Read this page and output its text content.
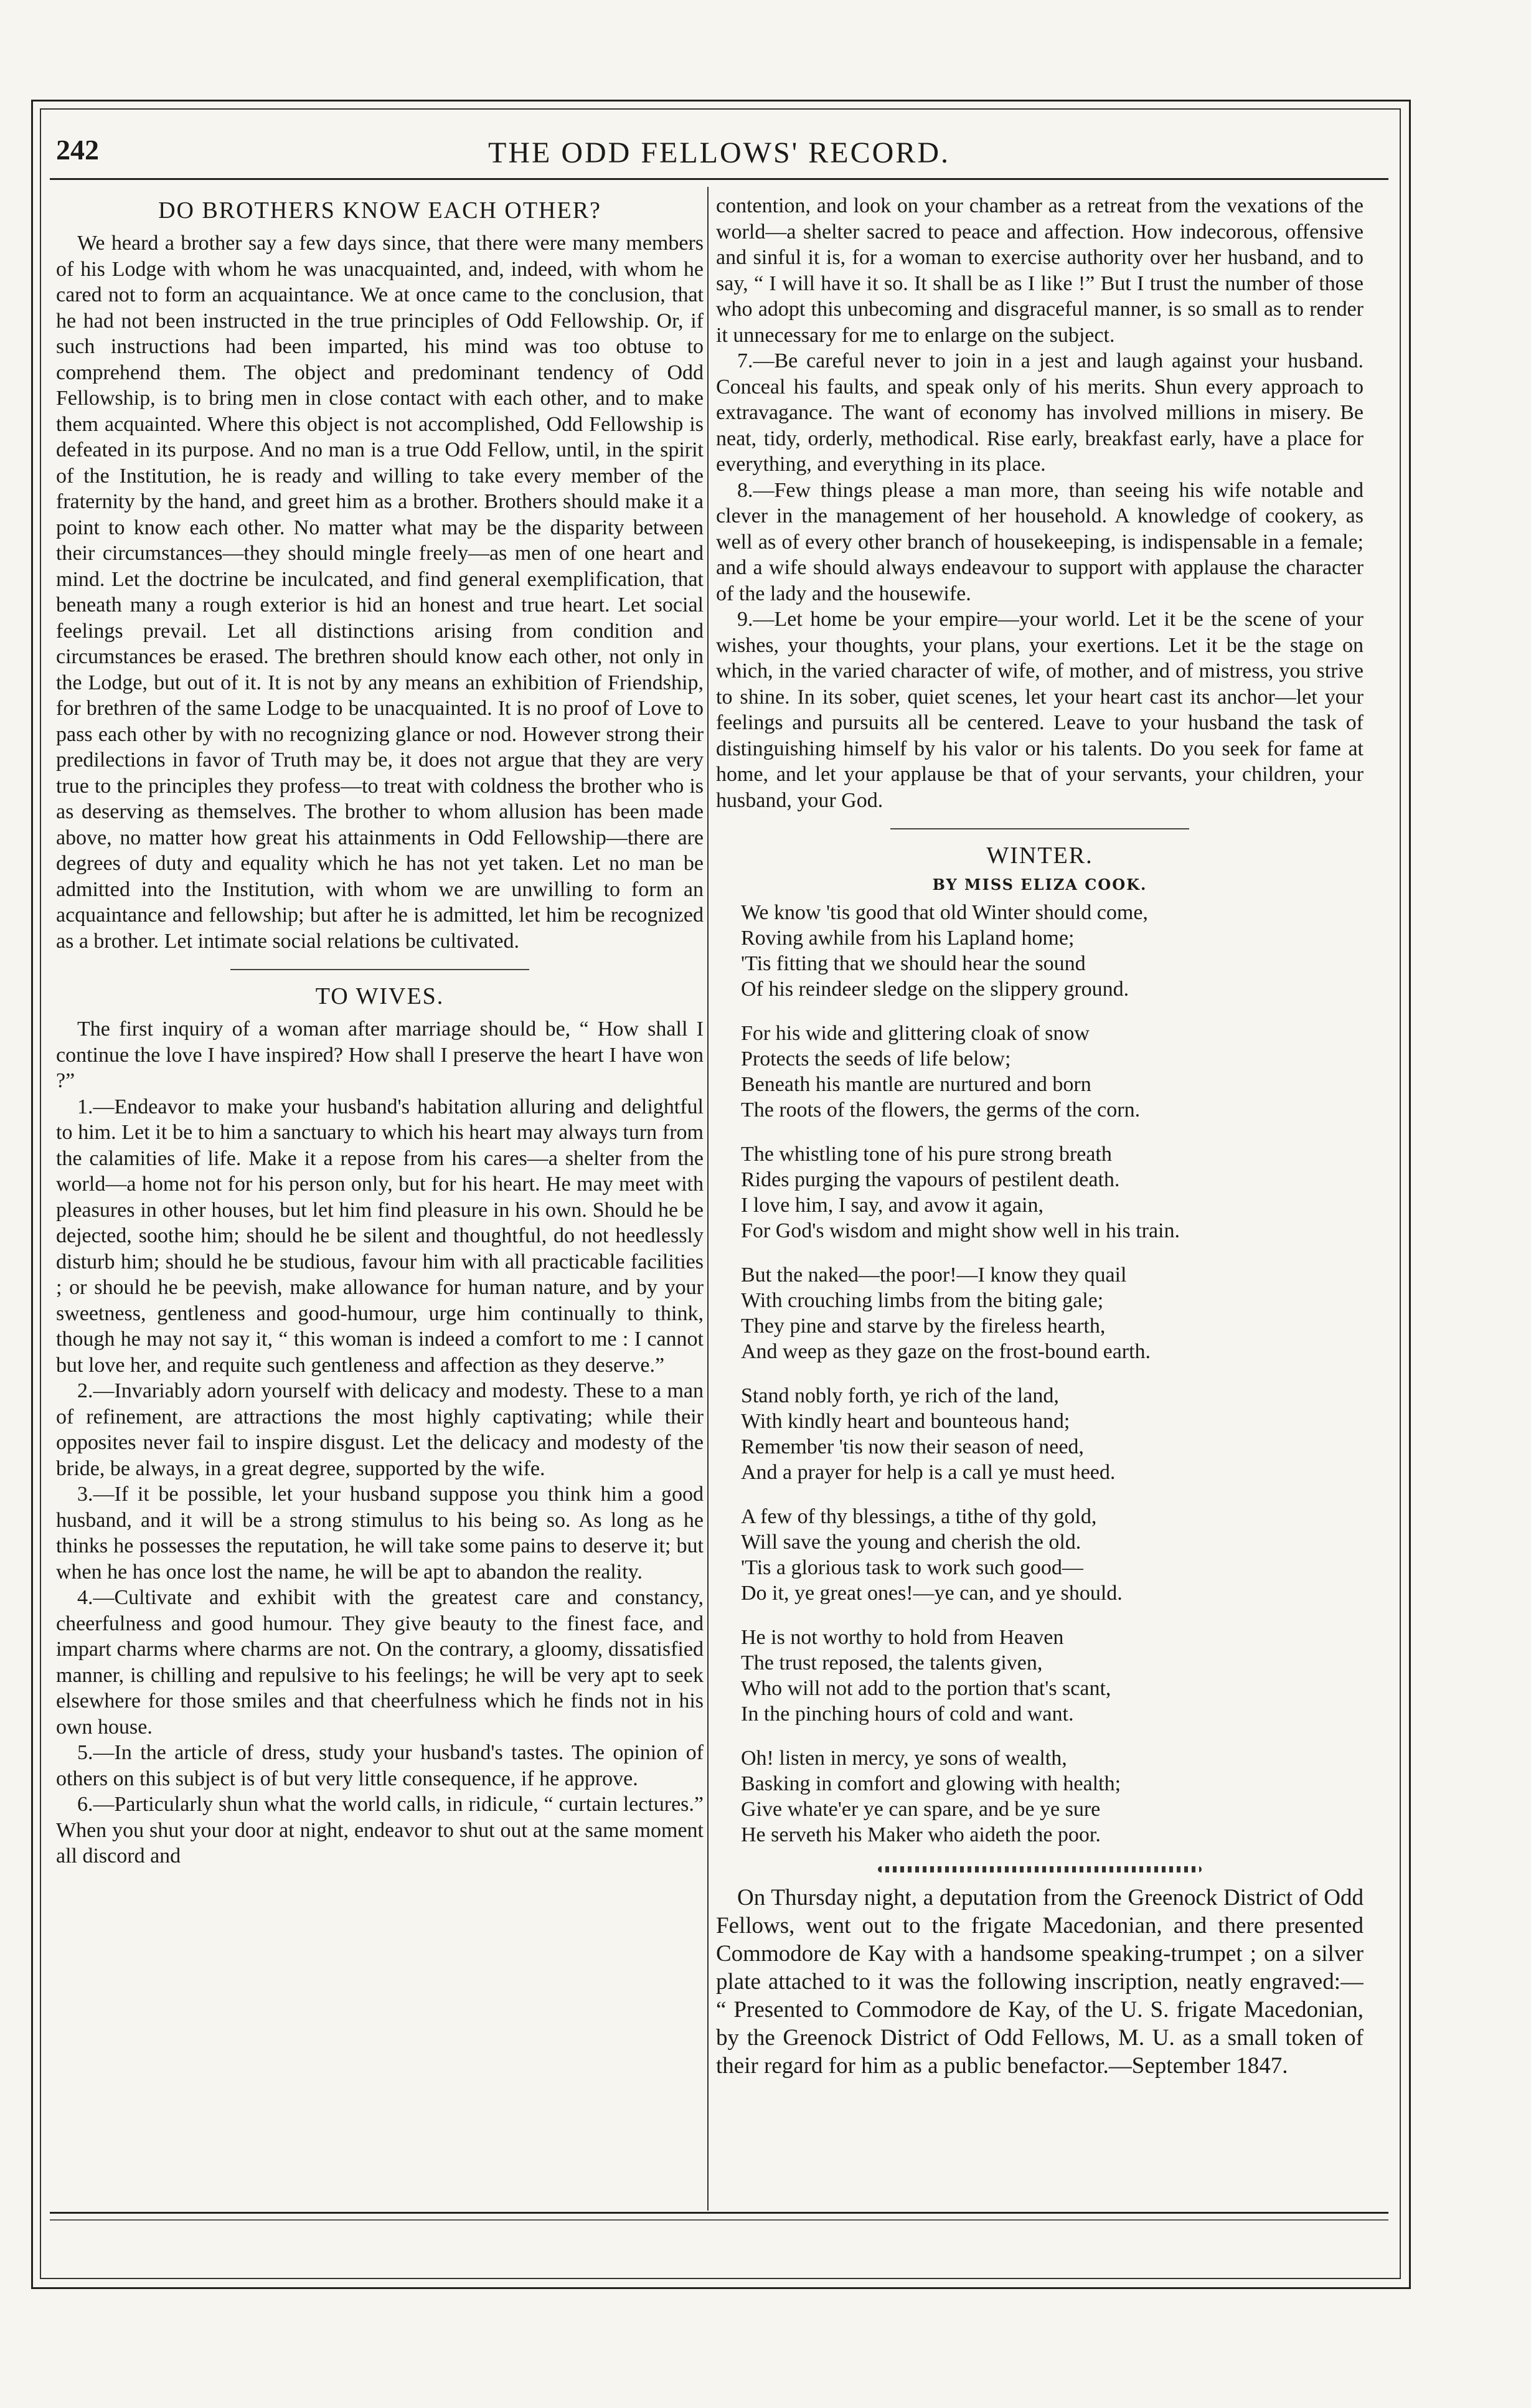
242	THE ODD FELLOWS' RECORD.
DO BROTHERS KNOW EACH OTHER?

We heard a brother say a few days since, that there were many members of his Lodge with whom he was unacquainted, and, indeed, with whom he cared not to form an acquaintance. We at once came to the conclusion, that he had not been instructed in the true principles of Odd Fellowship. Or, if such instructions had been imparted, his mind was too obtuse to comprehend them. The object and predominant tendency of Odd Fellowship, is to bring men in close contact with each other, and to make them acquainted. Where this object is not accomplished, Odd Fellowship is defeated in its purpose. And no man is a true Odd Fellow, until, in the spirit of the Institution, he is ready and willing to take every member of the fraternity by the hand, and greet him as a brother. Brothers should make it a point to know each other. No matter what may be the disparity between their circumstances—they should mingle freely—as men of one heart and mind. Let the doctrine be inculcated, and find general exemplification, that beneath many a rough exterior is hid an honest and true heart. Let social feelings prevail. Let all distinctions arising from condition and circumstances be erased. The brethren should know each other, not only in the Lodge, but out of it. It is not by any means an exhibition of Friendship, for brethren of the same Lodge to be unacquainted. It is no proof of Love to pass each other by with no recognizing glance or nod. However strong their predilections in favor of Truth may be, it does not argue that they are very true to the principles they profess—to treat with coldness the brother who is as deserving as themselves. The brother to whom allusion has been made above, no matter how great his attainments in Odd Fellowship—there are degrees of duty and equality which he has not yet taken. Let no man be admitted into the Institution, with whom we are unwilling to form an acquaintance and fellowship; but after he is admitted, let him be recognized as a brother. Let intimate social relations be cultivated.

TO WIVES.

The first inquiry of a woman after marriage should be, “ How shall I continue the love I have inspired? How shall I preserve the heart I have won ?”

1.—Endeavor to make your husband's habitation alluring and delightful to him. Let it be to him a sanctuary to which his heart may always turn from the calamities of life. Make it a repose from his cares—a shelter from the world—a home not for his person only, but for his heart. He may meet with pleasures in other houses, but let him find pleasure in his own. Should he be dejected, soothe him; should he be silent and thoughtful, do not heedlessly disturb him; should he be studious, favour him with all practicable facilities ; or should he be peevish, make allowance for human nature, and by your sweetness, gentleness and good-humour, urge him continually to think, though he may not say it, “ this woman is indeed a comfort to me : I cannot but love her, and requite such gentleness and affection as they deserve.”

2.—Invariably adorn yourself with delicacy and modesty. These to a man of refinement, are attractions the most highly captivating; while their opposites never fail to inspire disgust. Let the delicacy and modesty of the bride, be always, in a great degree, supported by the wife.

3.—If it be possible, let your husband suppose you think him a good husband, and it will be a strong stimulus to his being so. As long as he thinks he possesses the reputation, he will take some pains to deserve it; but when he has once lost the name, he will be apt to abandon the reality.

4.—Cultivate and exhibit with the greatest care and constancy, cheerfulness and good humour. They give beauty to the finest face, and impart charms where charms are not. On the contrary, a gloomy, dissatisfied manner, is chilling and repulsive to his feelings; he will be very apt to seek elsewhere for those smiles and that cheerfulness which he finds not in his own house.

5.—In the article of dress, study your husband's tastes. The opinion of others on this subject is of but very little consequence, if he approve.

6.—Particularly shun what the world calls, in ridicule, “ curtain lectures.” When you shut your door at night, endeavor to shut out at the same moment all discord and

contention, and look on your chamber as a retreat from the vexations of the world—a shelter sacred to peace and affection. How indecorous, offensive and sinful it is, for a woman to exercise authority over her husband, and to say, “ I will have it so. It shall be as I like !” But I trust the number of those who adopt this unbecoming and disgraceful manner, is so small as to render it unnecessary for me to enlarge on the subject.

7.—Be careful never to join in a jest and laugh against your husband. Conceal his faults, and speak only of his merits. Shun every approach to extravagance. The want of economy has involved millions in misery. Be neat, tidy, orderly, methodical. Rise early, breakfast early, have a place for everything, and everything in its place.

8.—Few things please a man more, than seeing his wife notable and clever in the management of her household. A knowledge of cookery, as well as of every other branch of housekeeping, is indispensable in a female; and a wife should always endeavour to support with applause the character of the lady and the housewife.

9.—Let home be your empire—your world. Let it be the scene of your wishes, your thoughts, your plans, your exertions. Let it be the stage on which, in the varied character of wife, of mother, and of mistress, you strive to shine. In its sober, quiet scenes, let your heart cast its anchor—let your feelings and pursuits all be centered. Leave to your husband the task of distinguishing himself by his valor or his talents. Do you seek for fame at home, and let your applause be that of your servants, your children, your husband, your God.

WINTER.
BY MISS ELIZA COOK.
We know 'tis good that old Winter should come,
Roving awhile from his Lapland home;
'Tis fitting that we should hear the sound
Of his reindeer sledge on the slippery ground.
For his wide and glittering cloak of snow
Protects the seeds of life below;
Beneath his mantle are nurtured and born
The roots of the flowers, the germs of the corn.
The whistling tone of his pure strong breath
Rides purging the vapours of pestilent death.
I love him, I say, and avow it again,
For God's wisdom and might show well in his train.
But the naked—the poor!—I know they quail
With crouching limbs from the biting gale;
They pine and starve by the fireless hearth,
And weep as they gaze on the frost-bound earth.
Stand nobly forth, ye rich of the land,
With kindly heart and bounteous hand;
Remember 'tis now their season of need,
And a prayer for help is a call ye must heed.
A few of thy blessings, a tithe of thy gold,
Will save the young and cherish the old.
'Tis a glorious task to work such good—
Do it, ye great ones!—ye can, and ye should.
He is not worthy to hold from Heaven
The trust reposed, the talents given,
Who will not add to the portion that's scant,
In the pinching hours of cold and want.
Oh! listen in mercy, ye sons of wealth,
Basking in comfort and glowing with health;
Give whate'er ye can spare, and be ye sure
He serveth his Maker who aideth the poor.

On Thursday night, a deputation from the Greenock District of Odd Fellows, went out to the frigate Macedonian, and there presented Commodore de Kay with a handsome speaking-trumpet ; on a silver plate attached to it was the following inscription, neatly engraved:— “ Presented to Commodore de Kay, of the U. S. frigate Macedonian, by the Greenock District of Odd Fellows, M. U. as a small token of their regard for him as a public benefactor.—September 1847.
